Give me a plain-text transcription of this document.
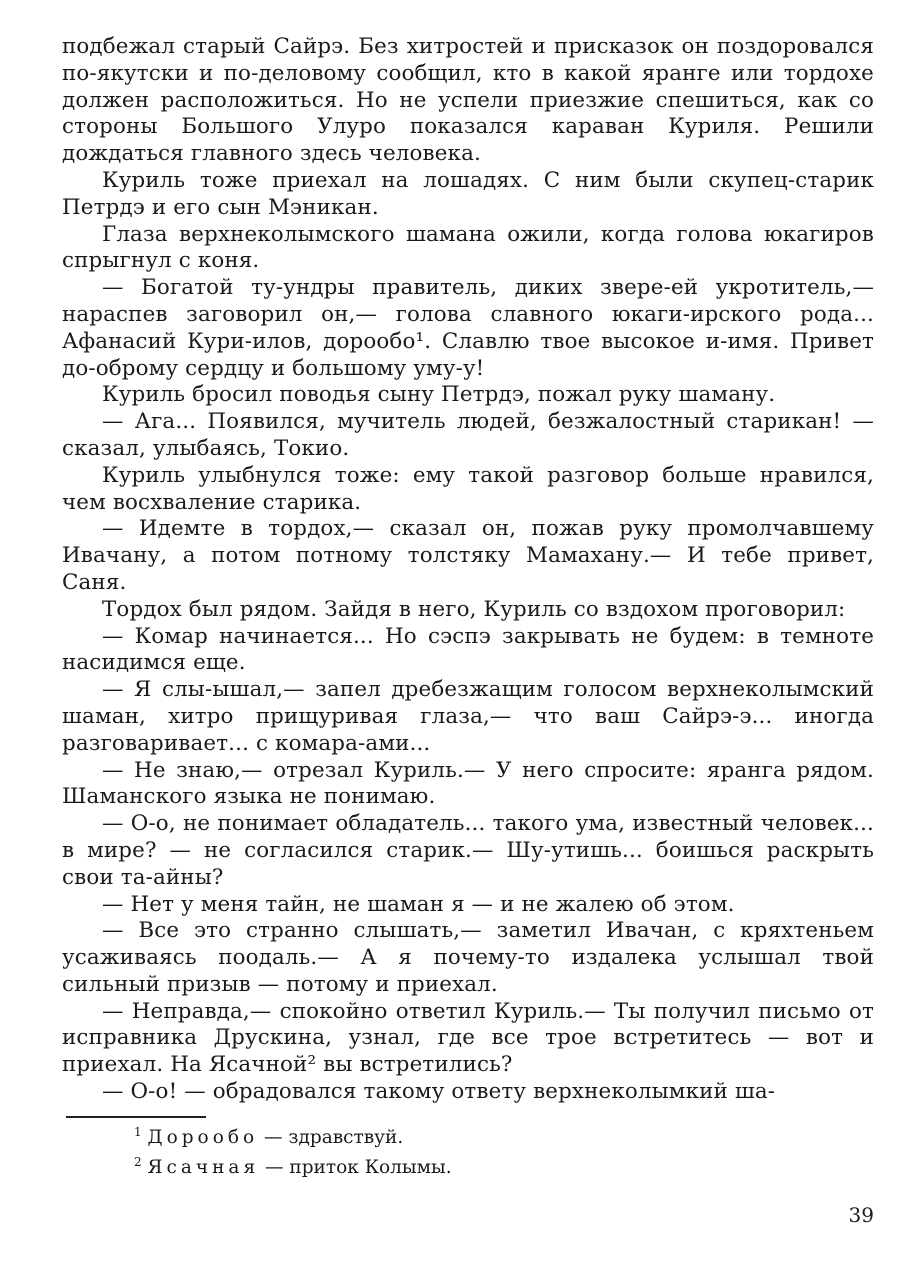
подбежал старый Сайрэ. Без хитростей и присказок он поздоровался по-якутски и по-деловому сообщил, кто в какой яранге или тордохе должен расположиться. Но не успели приезжие спешиться, как со стороны Большого Улуро показался караван Куриля. Решили дождаться главного здесь человека.

Куриль тоже приехал на лошадях. С ним были скупец-старик Петрдэ и его сын Мэникан.

Глаза верхнеколымского шамана ожили, когда голова юкагиров спрыгнул с коня.

— Богатой ту-ундры правитель, диких звере-ей укротитель,— нараспев заговорил он,— голова славного юкаги-ирского рода... Афанасий Кури-илов, дорообо¹. Славлю твое высокое и-имя. Привет до-оброму сердцу и большому уму-у!

Куриль бросил поводья сыну Петрдэ, пожал руку шаману.

— Ага... Появился, мучитель людей, безжалостный старикан! — сказал, улыбаясь, Токио.

Куриль улыбнулся тоже: ему такой разговор больше нравился, чем восхваление старика.

— Идемте в тордох,— сказал он, пожав руку промолчавшему Ивачану, а потом потному толстяку Мамахану.— И тебе привет, Саня.

Тордох был рядом. Зайдя в него, Куриль со вздохом проговорил:

— Комар начинается... Но сэспэ закрывать не будем: в темноте насидимся еще.

— Я слы-ышал,— запел дребезжащим голосом верхнеколымский шаман, хитро прищуривая глаза,— что ваш Сайрэ-э... иногда разговаривает... с комара-ами...

— Не знаю,— отрезал Куриль.— У него спросите: яранга рядом. Шаманского языка не понимаю.

— О-о, не понимает обладатель... такого ума, известный человек... в мире? — не согласился старик.— Шу-утишь... боишься раскрыть свои та-айны?

— Нет у меня тайн, не шаман я — и не жалею об этом.

— Все это странно слышать,— заметил Ивачан, с кряхтеньем усаживаясь поодаль.— А я почему-то издалека услышал твой сильный призыв — потому и приехал.

— Неправда,— спокойно ответил Куриль.— Ты получил письмо от исправника Друскина, узнал, где все трое встретитесь — вот и приехал. На Ясачной² вы встретились?

— О-о! — обрадовался такому ответу верхнеколымкий ша-

$^1$ Дорообо — здравствуй.

$^2$ Ясачная — приток Колымы.

39
